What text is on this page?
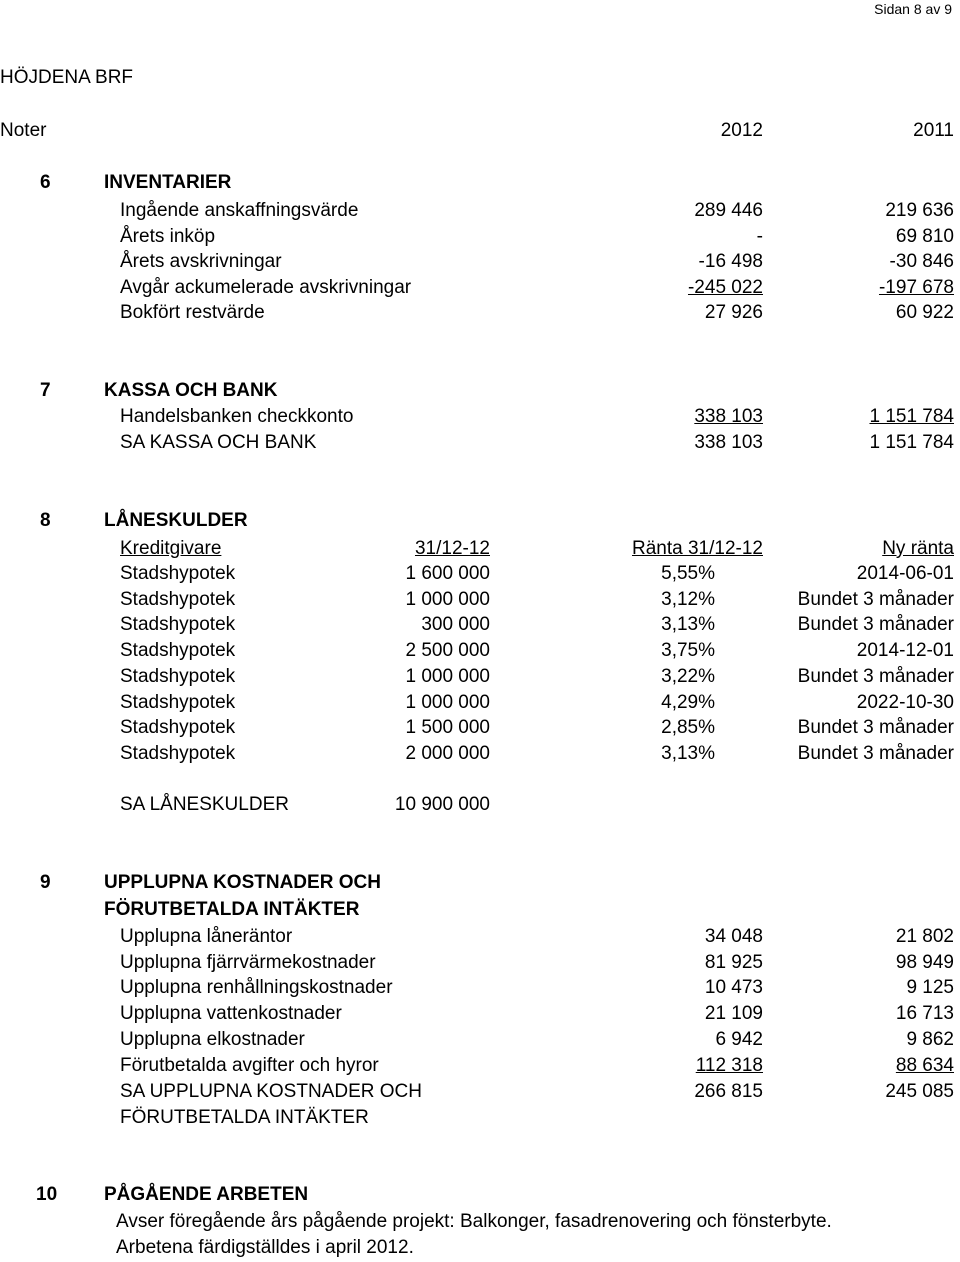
Sidan 8 av 9
HÖJDENA BRF
Noter	2012	2011
6	INVENTARIER
Ingående anskaffningsvärde	289 446	219 636
Årets inköp	-	69 810
Årets avskrivningar	-16 498	-30 846
Avgår ackumelerade avskrivningar	-245 022	-197 678
Bokfört restvärde	27 926	60 922
7	KASSA OCH BANK
Handelsbanken checkkonto	338 103	1 151 784
SA KASSA OCH BANK	338 103	1 151 784
8	LÅNESKULDER
Kreditgivare	31/12-12	Ränta 31/12-12	Ny ränta
Stadshypotek	1 600 000	5,55%	2014-06-01
Stadshypotek	1 000 000	3,12%	Bundet 3 månader
Stadshypotek	300 000	3,13%	Bundet 3 månader
Stadshypotek	2 500 000	3,75%	2014-12-01
Stadshypotek	1 000 000	3,22%	Bundet 3 månader
Stadshypotek	1 000 000	4,29%	2022-10-30
Stadshypotek	1 500 000	2,85%	Bundet 3 månader
Stadshypotek	2 000 000	3,13%	Bundet 3 månader
SA LÅNESKULDER	10 900 000
9	UPPLUPNA KOSTNADER OCH
FÖRUTBETALDA INTÄKTER
Upplupna låneräntor	34 048	21 802
Upplupna fjärrvärmekostnader	81 925	98 949
Upplupna renhållningskostnader	10 473	9 125
Upplupna vattenkostnader	21 109	16 713
Upplupna elkostnader	6 942	9 862
Förutbetalda avgifter och hyror	112 318	88 634
SA UPPLUPNA KOSTNADER OCH	266 815	245 085
FÖRUTBETALDA INTÄKTER
10 PÅGÅENDE ARBETEN
Avser föregående års pågående projekt: Balkonger, fasadrenovering och fönsterbyte.
Arbetena färdigställdes i april 2012.
